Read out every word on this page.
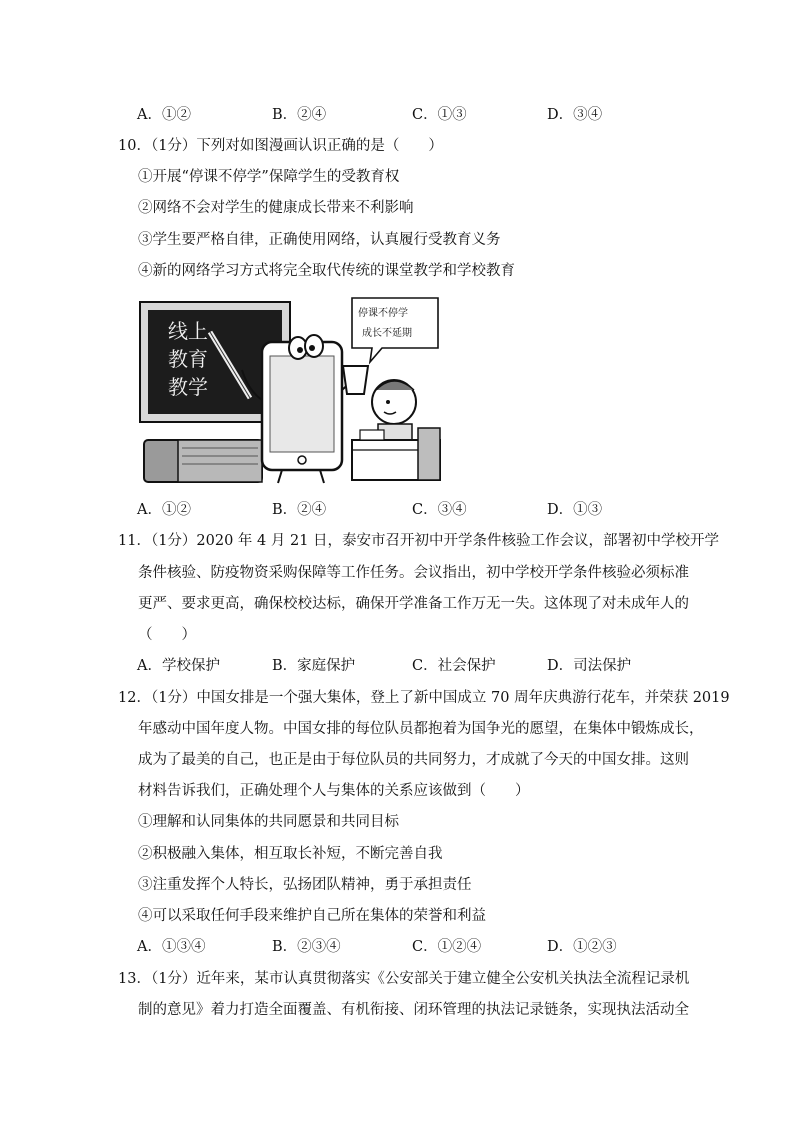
A．①②	B．②④	C．①③	D．③④
10．（1分）下列对如图漫画认识正确的是（　　）
①开展“停课不停学”保障学生的受教育权
②网络不会对学生的健康成长带来不利影响
③学生要严格自律，正确使用网络，认真履行受教育义务
④新的网络学习方式将完全取代传统的课堂教学和学校教育
线上
教育
教学
停课不停学
成长不延期
A．①②	B．②④	C．③④	D．①③
11．（1分）2020 年 4 月 21 日，泰安市召开初中开学条件核验工作会议，部署初中学校开学
条件核验、防疫物资采购保障等工作任务。会议指出，初中学校开学条件核验必须标准
更严、要求更高，确保校校达标，确保开学准备工作万无一失。这体现了对未成年人的
（　　）
A．学校保护	B．家庭保护	C．社会保护	D．司法保护
12．（1分）中国女排是一个强大集体，登上了新中国成立 70 周年庆典游行花车，并荣获 2019
年感动中国年度人物。中国女排的每位队员都抱着为国争光的愿望，在集体中锻炼成长，
成为了最美的自己，也正是由于每位队员的共同努力，才成就了今天的中国女排。这则
材料告诉我们，正确处理个人与集体的关系应该做到（　　）
①理解和认同集体的共同愿景和共同目标
②积极融入集体，相互取长补短，不断完善自我
③注重发挥个人特长，弘扬团队精神，勇于承担责任
④可以采取任何手段来维护自己所在集体的荣誉和利益
A．①③④	B．②③④	C．①②④	D．①②③
13．（1分）近年来，某市认真贯彻落实《公安部关于建立健全公安机关执法全流程记录机
制的意见》着力打造全面覆盖、有机衔接、闭环管理的执法记录链条，实现执法活动全
